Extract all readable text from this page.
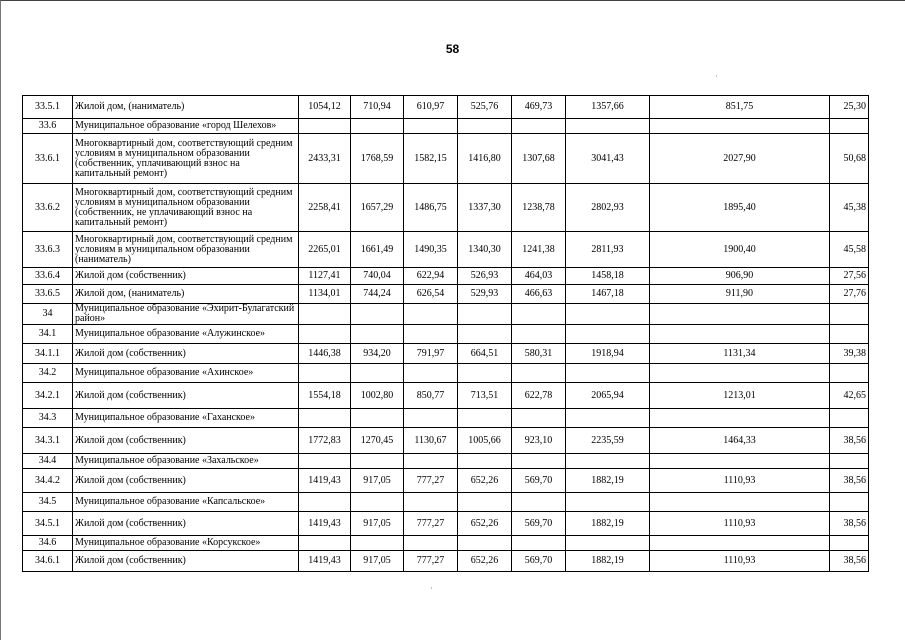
58
·
·
33.5.1	Жилой дом, (наниматель)	1054,12	710,94	610,97	525,76	469,73	1357,66	851,75	25,30
33.6	Муниципальное образование «город Шелехов»								
33.6.1	Многоквартирный дом, соответствующий средним условиям в муниципальном образовании (собственник, уплачивающий взнос на капитальный ремонт)	2433,31	1768,59	1582,15	1416,80	1307,68	3041,43	2027,90	50,68
33.6.2	Многоквартирный дом, соответствующий средним условиям в муниципальном образовании (собственник, не уплачивающий взнос на капитальный ремонт)	2258,41	1657,29	1486,75	1337,30	1238,78	2802,93	1895,40	45,38
33.6.3	Многоквартирный дом, соответствующий средним условиям в муниципальном образовании (наниматель)	2265,01	1661,49	1490,35	1340,30	1241,38	2811,93	1900,40	45,58
33.6.4	Жилой дом (собственник)	1127,41	740,04	622,94	526,93	464,03	1458,18	906,90	27,56
33.6.5	Жилой дом, (наниматель)	1134,01	744,24	626,54	529,93	466,63	1467,18	911,90	27,76
34	Муниципальное образование «Эхирит-Булагатский район»								
34.1	Муниципальное образование «Алужинское»								
34.1.1	Жилой дом (собственник)	1446,38	934,20	791,97	664,51	580,31	1918,94	1131,34	39,38
34.2	Муниципальное образование «Ахинское»								
34.2.1	Жилой дом (собственник)	1554,18	1002,80	850,77	713,51	622,78	2065,94	1213,01	42,65
34.3	Муниципальное образование «Гаханское»								
34.3.1	Жилой дом (собственник)	1772,83	1270,45	1130,67	1005,66	923,10	2235,59	1464,33	38,56
34.4	Муниципальное образование «Захальское»								
34.4.2	Жилой дом (собственник)	1419,43	917,05	777,27	652,26	569,70	1882,19	1110,93	38,56
34.5	Муниципальное образование «Капсальское»								
34.5.1	Жилой дом (собственник)	1419,43	917,05	777,27	652,26	569,70	1882,19	1110,93	38,56
34.6	Муниципальное образование «Корсукское»								
34.6.1	Жилой дом (собственник)	1419,43	917,05	777,27	652,26	569,70	1882,19	1110,93	38,56
